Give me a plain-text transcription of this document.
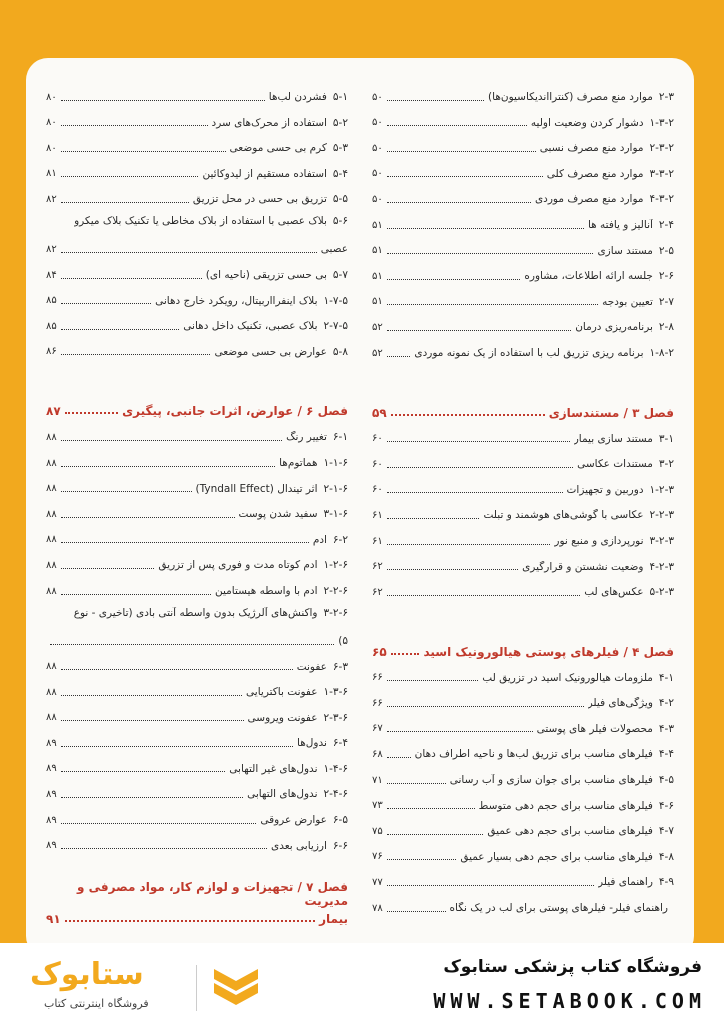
۲-۳
موارد منع مصرف (کنترااندیکاسیون‌ها)
۵۰
۱-۳-۲
دشوار کردن وضعیت اولیه
۵۰
۲-۳-۲
موارد منع مصرف نسبی
۵۰
۳-۳-۲
موارد منع مصرف کلی
۵۰
۴-۳-۲
موارد منع مصرف موردی
۵۰
۲-۴
آنالیز و یافته ها
۵۱
۲-۵
مستند سازی
۵۱
۲-۶
جلسه ارائه اطلاعات، مشاوره
۵۱
۲-۷
تعیین بودجه
۵۱
۲-۸
برنامه‌ریزی درمان
۵۲
۱-۸-۲
برنامه ریزی تزریق لب با استفاده از یک نمونه موردی
۵۲
فصل ۳ / مستندسازی
۵۹
۳-۱
مستند سازی بیمار
۶۰
۳-۲
مستندات عکاسی
۶۰
۱-۲-۳
دوربین و تجهیزات
۶۰
۲-۲-۳
عکاسی با گوشی‌های هوشمند و تبلت
۶۱
۳-۲-۳
نورپردازی و منبع نور
۶۱
۴-۲-۳
وضعیت نشستن و قرارگیری
۶۲
۵-۲-۳
عکس‌های لب
۶۲
فصل ۴ / فیلرهای پوستی هیالورونیک اسید
۶۵
۴-۱
ملزومات هیالورونیک اسید در تزریق لب
۶۶
۴-۲
ویژگی‌های فیلر
۶۶
۴-۳
محصولات فیلر های پوستی
۶۷
۴-۴
فیلرهای مناسب برای تزریق لب‌ها و ناحیه اطراف دهان
۶۸
۴-۵
فیلرهای مناسب برای جوان سازی و آب رسانی
۷۱
۴-۶
فیلرهای مناسب برای حجم دهی متوسط
۷۳
۴-۷
فیلرهای مناسب برای حجم دهی عمیق
۷۵
۴-۸
فیلرهای مناسب برای حجم دهی بسیار عمیق
۷۶
۴-۹
راهنمای فیلر
۷۷
راهنمای فیلر- فیلرهای پوستی برای لب در یک نگاه
۷۸
۵-۱
فشردن لب‌ها
۸۰
۵-۲
استفاده از محرک‌های سرد
۸۰
۵-۳
کرم بی حسی موضعی
۸۰
۵-۴
استفاده مستقیم از لیدوکائین
۸۱
۵-۵
تزریق بی حسی در محل تزریق
۸۲
۵-۶
بلاک عصبی با استفاده از بلاک مخاطی یا تکنیک بلاک میکرو
عصبی
۸۲
۵-۷
بی حسی تزریقی (ناحیه ای)
۸۴
۱-۷-۵
بلاک اینفرااربیتال، رویکرد خارج دهانی
۸۵
۲-۷-۵
بلاک عصبی، تکنیک داخل دهانی
۸۵
۵-۸
عوارض بی حسی موضعی
۸۶
فصل ۶ / عوارض، اثرات جانبی، پیگیری
۸۷
۶-۱
تغییر رنگ
۸۸
۱-۱-۶
هماتوم‌ها
۸۸
۲-۱-۶
اثر تیندال (Tyndall Effect)
۸۸
۳-۱-۶
سفید شدن پوست
۸۸
۶-۲
ادم
۸۸
۱-۲-۶
ادم کوتاه مدت و فوری پس از تزریق
۸۸
۲-۲-۶
ادم با واسطه هیستامین
۸۸
۳-۲-۶
واکنش‌های آلرژیک بدون واسطه آنتی بادی (تاخیری - نوع
۵)
۶-۳
عفونت
۸۸
۱-۳-۶
عفونت باکتریایی
۸۸
۲-۳-۶
عفونت ویروسی
۸۸
۶-۴
ندول‌ها
۸۹
۱-۴-۶
ندول‌های غیر التهابی
۸۹
۲-۴-۶
ندول‌های التهابی
۸۹
۶-۵
عوارض عروقی
۸۹
۶-۶
ارزیابی بعدی
۸۹
فصل ۷ / تجهیزات و لوازم کار، مواد مصرفی و مدیریت
بیمار
۹۱
فروشگاه کتاب پزشکی ستابوک
WWW.SETABOOK.COM
ستابوک
فروشگاه اینترنتی کتاب
